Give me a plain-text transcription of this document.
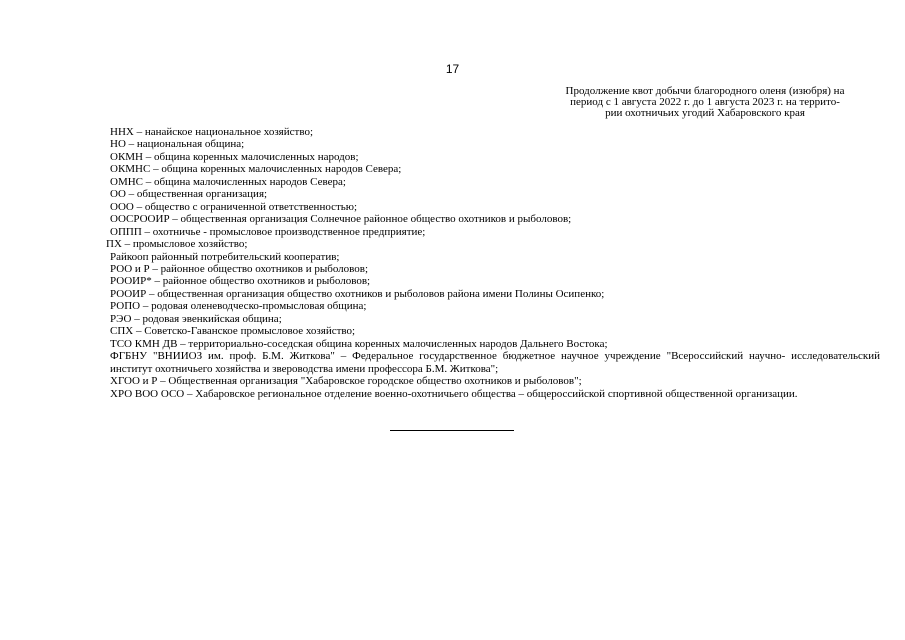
17
Продолжение квот добычи благородного оленя (изюбря) на
период с 1 августа 2022 г. до 1 августа 2023 г. на террито-
рии охотничьих угодий Хабаровского края
НHХ – нанайское национальное хозяйство;
НО – национальная община;
ОКМН – община коренных малочисленных народов;
ОКМНС – община коренных малочисленных народов Севера;
ОМНС – община малочисленных народов Севера;
ОО – общественная организация;
ООО – общество с ограниченной ответственностью;
ООСРООИР – общественная организация Солнечное районное общество охотников и рыболовов;
ОППП – охотничье - промысловое производственное предприятие;
ПХ – промысловое хозяйство;
Райкооп районный потребительский кооператив;
РОО и Р – районное общество охотников и рыболовов;
РООИР* – районное общество охотников и рыболовов;
РООИР – общественная организация общество охотников и рыболовов района имени Полины Осипенко;
РОПО – родовая оленеводческо-промысловая община;
РЭО – родовая эвенкийская община;
СПХ – Советско-Гаванское промысловое хозяйство;
ТСО КМН ДВ – территориально-соседская община коренных малочисленных народов Дальнего Востока;
ФГБНУ "ВНИИОЗ им. проф. Б.М. Житкова" – Федеральное государственное бюджетное научное учреждение "Всероссийский научно- исследовательский институт охотничьего хозяйства и звероводства имени профессора Б.М. Житкова";
ХГОО и Р – Общественная организация "Хабаровское городское общество охотников и рыболовов";
ХРО ВОО ОСО – Хабаровское региональное отделение военно-охотничьего общества – общероссийской спортивной общественной организации.
